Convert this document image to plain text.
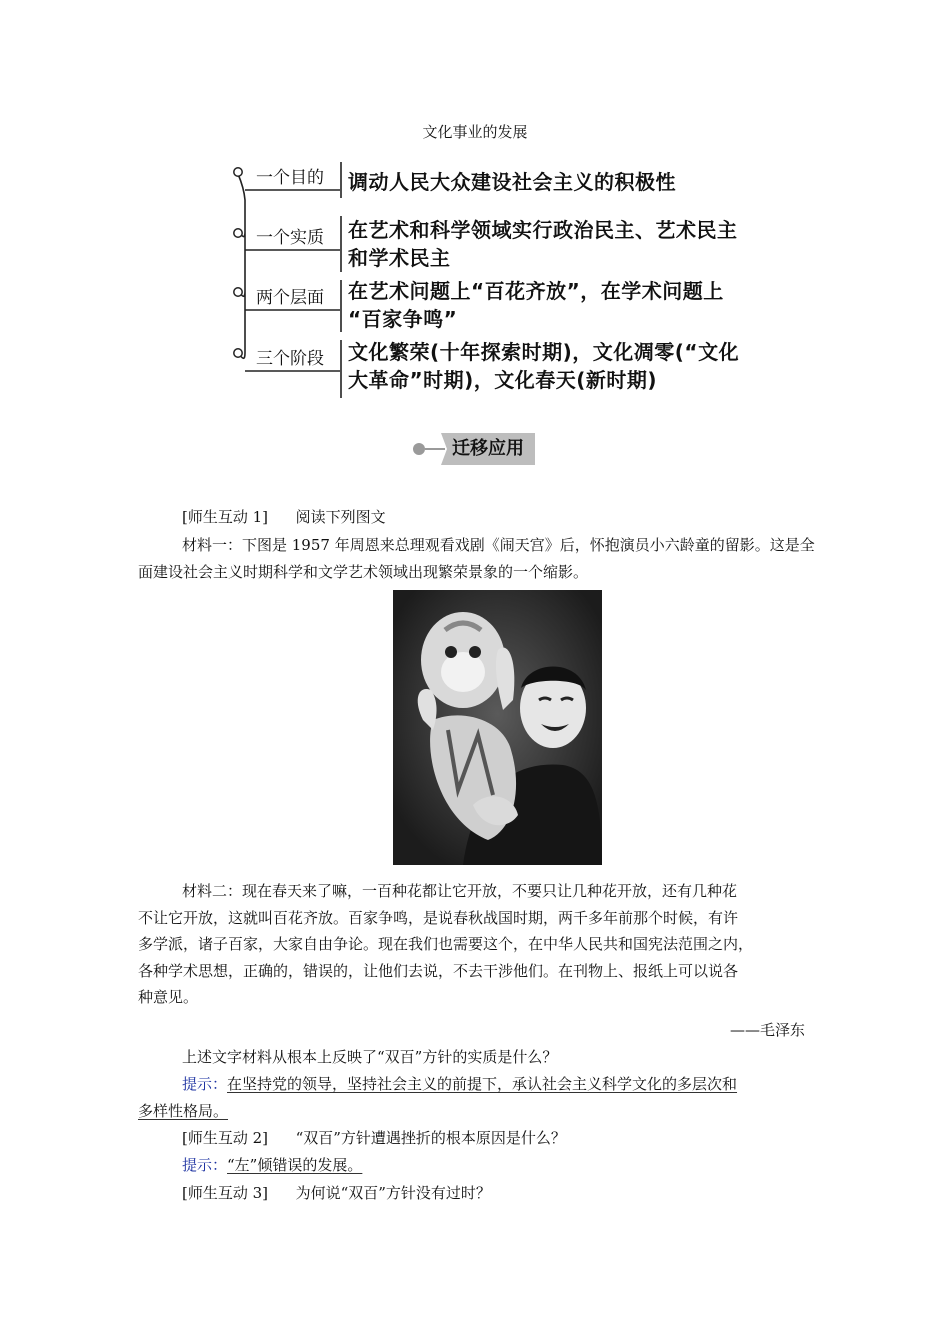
文化事业的发展
一个目的 调动人民大众建设社会主义的积极性
一个实质 在艺术和科学领域实行政治民主、艺术民主
和学术民主
两个层面 在艺术问题上“百花齐放”，在学术问题上
“百家争鸣”
三个阶段 文化繁荣(十年探索时期)，文化凋零(“文化
大革命”时期)，文化春天(新时期)
迁移应用
[师生互动 1] 阅读下列图文
材料一：下图是 1957 年周恩来总理观看戏剧《闹天宫》后，怀抱演员小六龄童的留影。这是全面建设社会主义时期科学和文学艺术领域出现繁荣景象的一个缩影。
材料二：现在春天来了嘛，一百种花都让它开放，不要只让几种花开放，还有几种花
不让它开放，这就叫百花齐放。百家争鸣，是说春秋战国时期，两千多年前那个时候，有许
多学派，诸子百家，大家自由争论。现在我们也需要这个，在中华人民共和国宪法范围之内，
各种学术思想，正确的，错误的，让他们去说，不去干涉他们。在刊物上、报纸上可以说各
种意见。
——毛泽东
上述文字材料从根本上反映了“双百”方针的实质是什么？
提示：在坚持党的领导，坚持社会主义的前提下，承认社会主义科学文化的多层次和
多样性格局。
[师生互动 2] “双百”方针遭遇挫折的根本原因是什么？
提示：“左”倾错误的发展。
[师生互动 3] 为何说“双百”方针没有过时？
